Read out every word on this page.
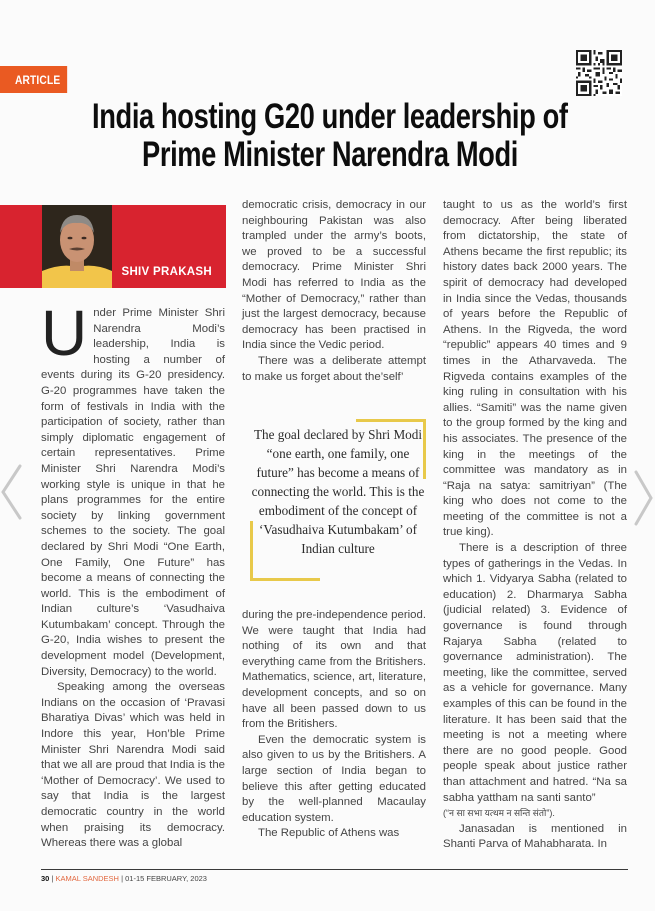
ARTICLE
India hosting G20 under leadership of
Prime Minister Narendra Modi
SHIV PRAKASH

Under Prime Minister Shri Narendra Modi’s leadership, India is hosting a number of events during its G-20 presidency. G-20 programmes have taken the form of festivals in India with the participation of society, rather than simply diplomatic engagement of certain representatives. Prime Minister Shri Narendra Modi’s working style is unique in that he plans programmes for the entire society by linking government schemes to the society. The goal declared by Shri Modi “One Earth, One Family, One Future” has become a means of connecting the world. This is the embodiment of Indian culture’s ‘Vasudhaiva Kutumbakam’ concept. Through the G-20, India wishes to present the development model (Development, Diversity, Democracy) to the world.

Speaking among the overseas Indians on the occasion of ‘Pravasi Bharatiya Divas’ which was held in Indore this year, Hon’ble Prime Minister Shri Narendra Modi said that we all are proud that India is the ‘Mother of Democracy’. We used to say that India is the largest democratic country in the world when praising its democracy. Whereas there was a global

democratic crisis, democracy in our neighbouring Pakistan was also trampled under the army’s boots, we proved to be a successful democracy. Prime Minister Shri Modi has referred to India as the “Mother of Democracy,” rather than just the largest democracy, because democracy has been practised in India since the Vedic period.

There was a deliberate attempt to make us forget about the’self’

The goal declared by Shri Modi “one earth, one family, one future” has become a means of connecting the world. This is the embodiment of the concept of ‘Vasudhaiva Kutumbakam’ of Indian culture

during the pre-independence period. We were taught that India had nothing of its own and that everything came from the Britishers. Mathematics, science, art, literature, development concepts, and so on have all been passed down to us from the Britishers.

Even the democratic system is also given to us by the Britishers. A large section of India began to believe this after getting educated by the well-planned Macaulay education system.

The Republic of Athens was

taught to us as the world’s first democracy. After being liberated from dictatorship, the state of Athens became the first republic; its history dates back 2000 years. The spirit of democracy had developed in India since the Vedas, thousands of years before the Republic of Athens. In the Rigveda, the word “republic” appears 40 times and 9 times in the Atharvaveda. The Rigveda contains examples of the king ruling in consultation with his allies. “Samiti” was the name given to the group formed by the king and his associates. The presence of the king in the meetings of the committee was mandatory as in “Raja na satya: samitriyan” (The king who does not come to the meeting of the committee is not a true king).

There is a description of three types of gatherings in the Vedas. In which 1. Vidyarya Sabha (related to education) 2. Dharmarya Sabha (judicial related) 3. Evidence of governance is found through Rajarya Sabha (related to governance administration). The meeting, like the committee, served as a vehicle for governance. Many examples of this can be found in the literature. It has been said that the meeting is not a meeting where there are no good people. Good people speak about justice rather than attachment and hatred. “Na sa sabha yattham na santi santo”

(“न सा सभा यत्थम न सन्ति संतो”).

Janasadan is mentioned in Shanti Parva of Mahabharata. In

30 | KAMAL SANDESH | 01-15 FEBRUARY, 2023
